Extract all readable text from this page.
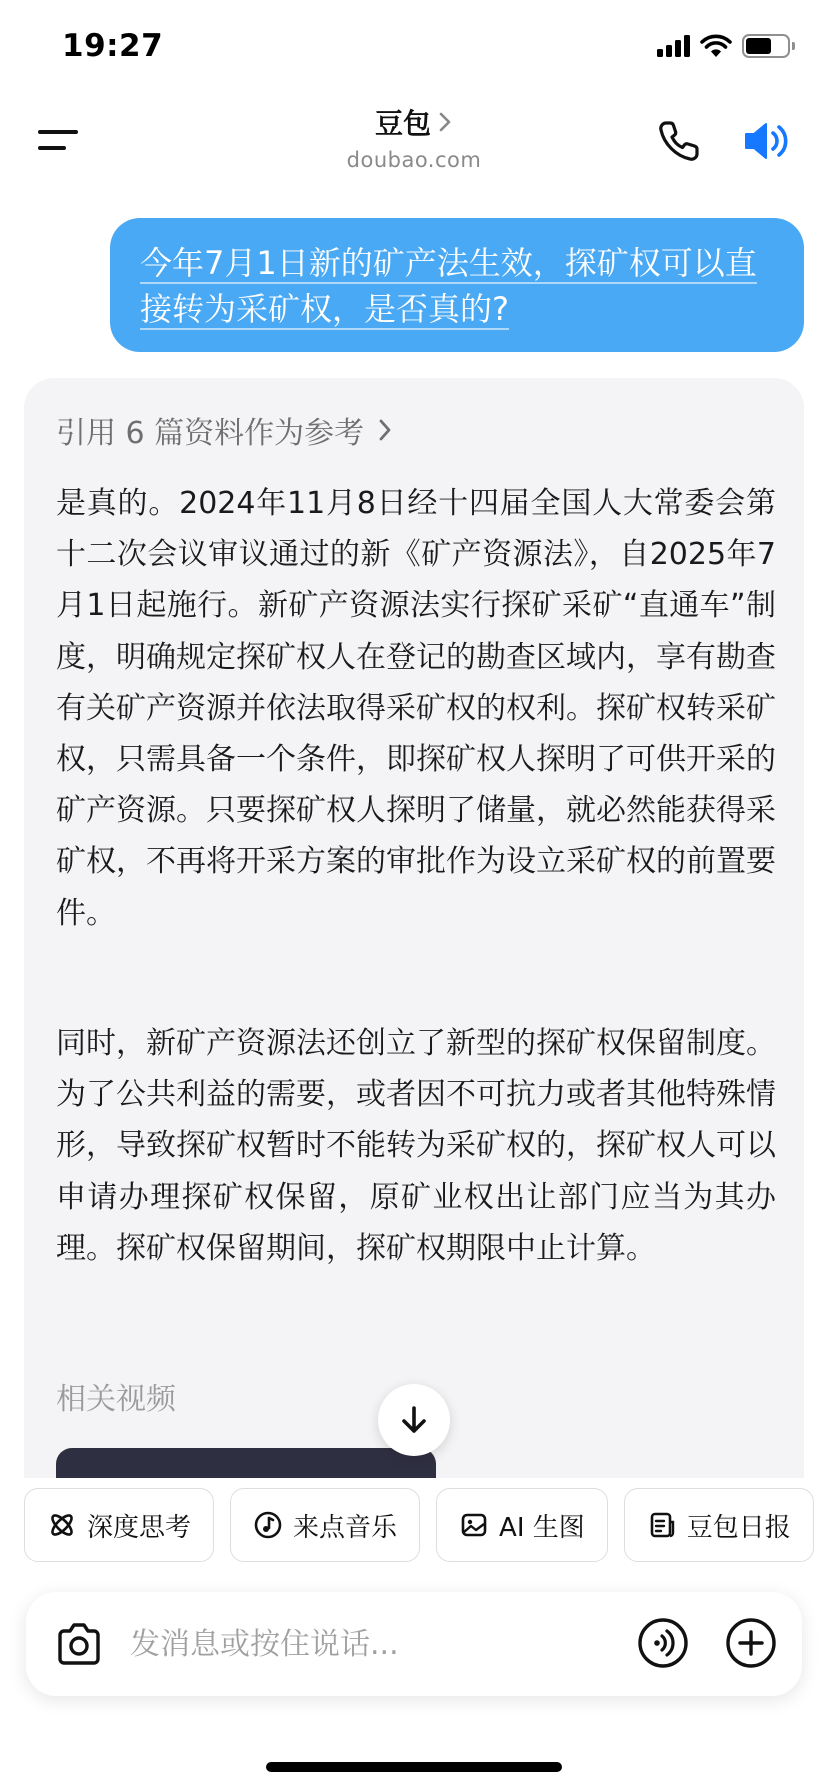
19:27
豆包
doubao.com
今年7月1日新的矿产法生效，探矿权可以直接转为采矿权，是否真的?
引用 6 篇资料作为参考
是真的。2024年11月8日经十四届全国人大常委会第十二次会议审议通过的新《矿产资源法》，自2025年7月1日起施行。新矿产资源法实行探矿采矿“直通车”制度，明确规定探矿权人在登记的勘查区域内，享有勘查有关矿产资源并依法取得采矿权的权利。探矿权转采矿权，只需具备一个条件，即探矿权人探明了可供开采的矿产资源。只要探矿权人探明了储量，就必然能获得采矿权，不再将开采方案的审批作为设立采矿权的前置要件。
同时，新矿产资源法还创立了新型的探矿权保留制度。为了公共利益的需要，或者因不可抗力或者其他特殊情形，导致探矿权暂时不能转为采矿权的，探矿权人可以申请办理探矿权保留，原矿业权出让部门应当为其办理。探矿权保留期间，探矿权期限中止计算。
相关视频
深度思考	来点音乐	AI 生图	豆包日报
发消息或按住说话...
